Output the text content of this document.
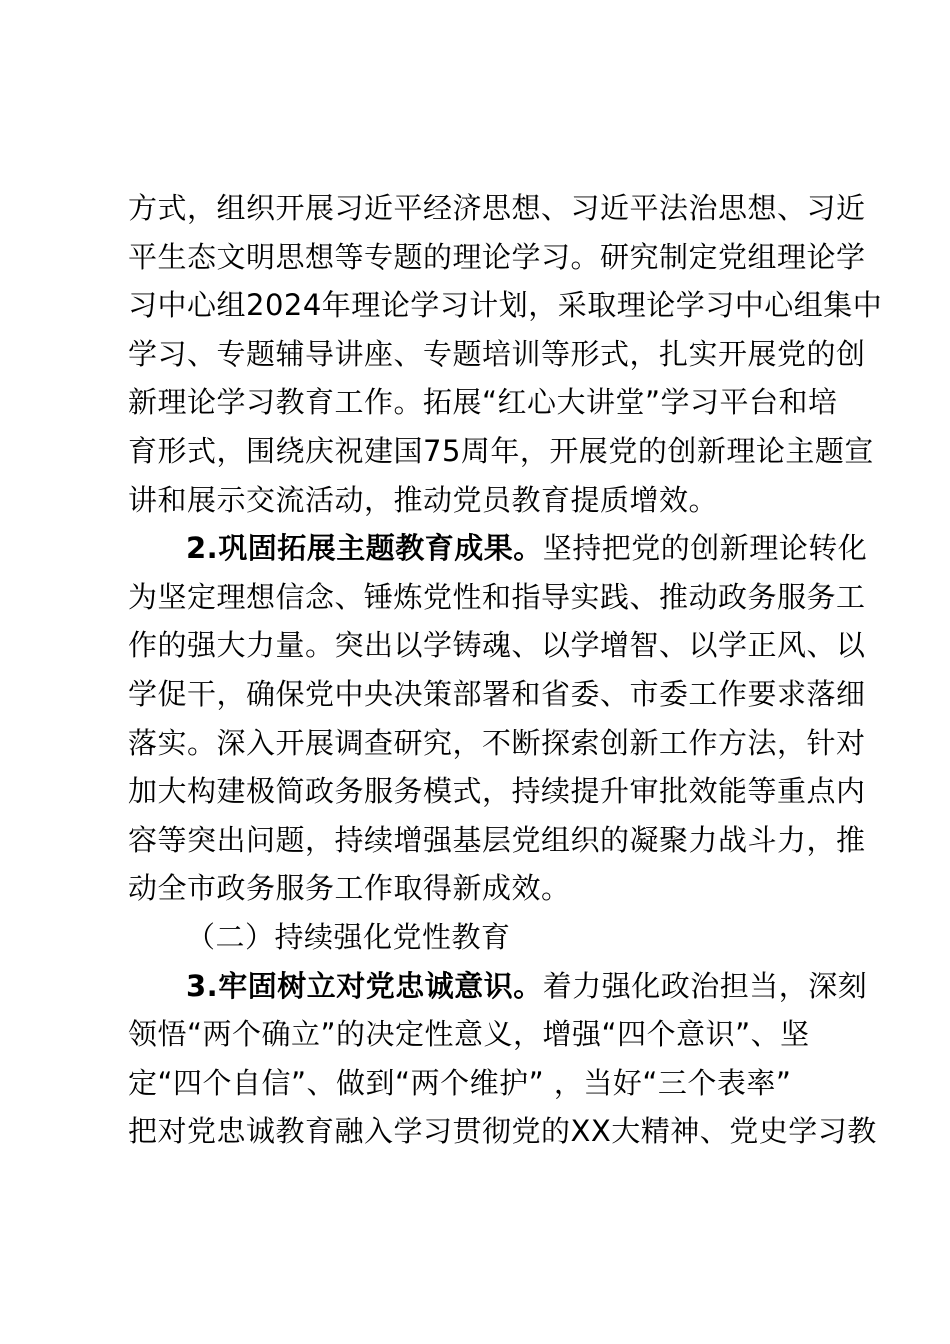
方式，组织开展习近平经济思想、习近平法治思想、习近
平生态文明思想等专题的理论学习。研究制定党组理论学
习中心组2024年理论学习计划，采取理论学习中心组集中
学习、专题辅导讲座、专题培训等形式，扎实开展党的创
新理论学习教育工作。拓展“红心大讲堂”学习平台和培
育形式，围绕庆祝建国75周年，开展党的创新理论主题宣
讲和展示交流活动，推动党员教育提质增效。
2.巩固拓展主题教育成果。坚持把党的创新理论转化
为坚定理想信念、锤炼党性和指导实践、推动政务服务工
作的强大力量。突出以学铸魂、以学增智、以学正风、以
学促干，确保党中央决策部署和省委、市委工作要求落细
落实。深入开展调查研究，不断探索创新工作方法，针对
加大构建极简政务服务模式，持续提升审批效能等重点内
容等突出问题，持续增强基层党组织的凝聚力战斗力，推
动全市政务服务工作取得新成效。
（二）持续强化党性教育
3.牢固树立对党忠诚意识。着力强化政治担当，深刻
领悟“两个确立”的决定性意义，增强“四个意识”、坚
定“四个自信”、做到“两个维护” ，当好“三个表率”
把对党忠诚教育融入学习贯彻党的XX大精神、党史学习教
